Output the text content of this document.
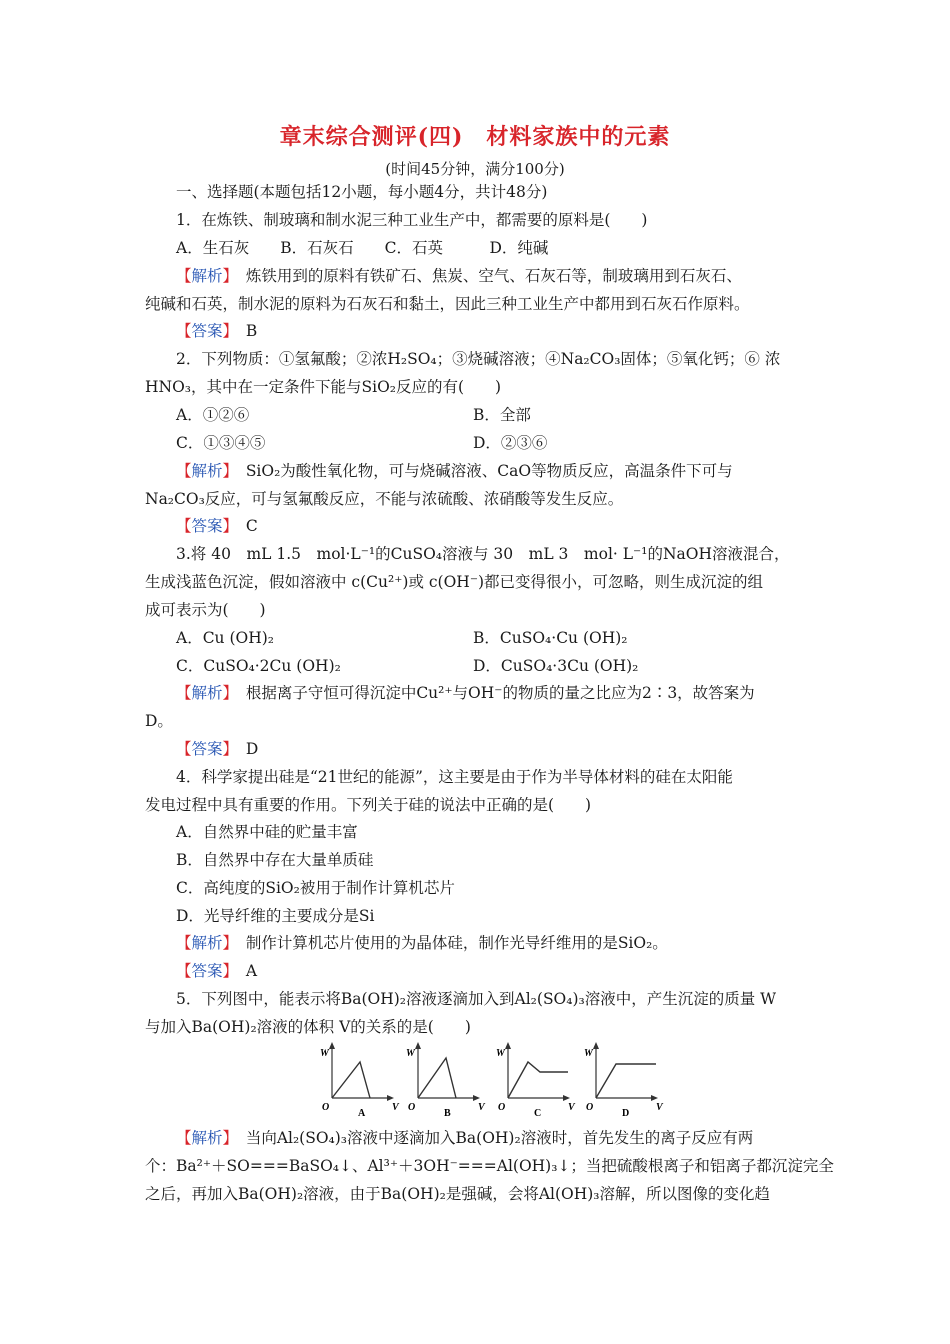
章末综合测评(四)　材料家族中的元素
(时间45分钟，满分100分)
一、选择题(本题包括12小题，每小题4分，共计48分)
1．在炼铁、制玻璃和制水泥三种工业生产中，都需要的原料是(　　)
A．生石灰　　B．石灰石　　C．石英　　　D．纯碱
【解析】　 炼铁用到的原料有铁矿石、焦炭、空气、石灰石等，制玻璃用到石灰石、
纯碱和石英，制水泥的原料为石灰石和黏土，因此三种工业生产中都用到石灰石作原料。
【答案】　 B
2．下列物质：①氢氟酸；②浓H₂SO₄；③烧碱溶液；④Na₂CO₃固体；⑤氧化钙；⑥ 浓
HNO₃，其中在一定条件下能与SiO₂反应的有(　　)
A．①②⑥	B．全部
C．①③④⑤	D．②③⑥
【解析】　 SiO₂为酸性氧化物，可与烧碱溶液、CaO等物质反应，高温条件下可与
Na₂CO₃反应，可与氢氟酸反应，不能与浓硫酸、浓硝酸等发生反应。
【答案】　 C
3.将 40　mL 1.5　mol·L⁻¹的CuSO₄溶液与 30　mL 3　mol· L⁻¹的NaOH溶液混合，
生成浅蓝色沉淀，假如溶液中 c(Cu²⁺)或 c(OH⁻)都已变得很小，可忽略，则生成沉淀的组
成可表示为(　　)
A．Cu (OH)₂	B．CuSO₄·Cu (OH)₂
C．CuSO₄·2Cu (OH)₂	D．CuSO₄·3Cu (OH)₂
【解析】　 根据离子守恒可得沉淀中Cu²⁺与OH⁻的物质的量之比应为2∶3，故答案为
D。
【答案】　 D
4．科学家提出硅是“21世纪的能源”，这主要是由于作为半导体材料的硅在太阳能
发电过程中具有重要的作用。下列关于硅的说法中正确的是(　　)
A．自然界中硅的贮量丰富
B．自然界中存在大量单质硅
C．高纯度的SiO₂被用于制作计算机芯片
D．光导纤维的主要成分是Si
【解析】　 制作计算机芯片使用的为晶体硅，制作光导纤维用的是SiO₂。
【答案】　 A
5．下列图中，能表示将Ba(OH)₂溶液逐滴加入到Al₂(SO₄)₃溶液中，产生沉淀的质量 W
与加入Ba(OH)₂溶液的体积 V的关系的是(　　)
W
O	V
A
W
O	V
B
W
O	V
C
W
O	V
D
【解析】　 当向Al₂(SO₄)₃溶液中逐滴加入Ba(OH)₂溶液时，首先发生的离子反应有两
个：Ba²⁺＋SO===BaSO₄↓、Al³⁺＋3OH⁻===Al(OH)₃↓；当把硫酸根离子和铝离子都沉淀完全
之后，再加入Ba(OH)₂溶液，由于Ba(OH)₂是强碱，会将Al(OH)₃溶解，所以图像的变化趋
